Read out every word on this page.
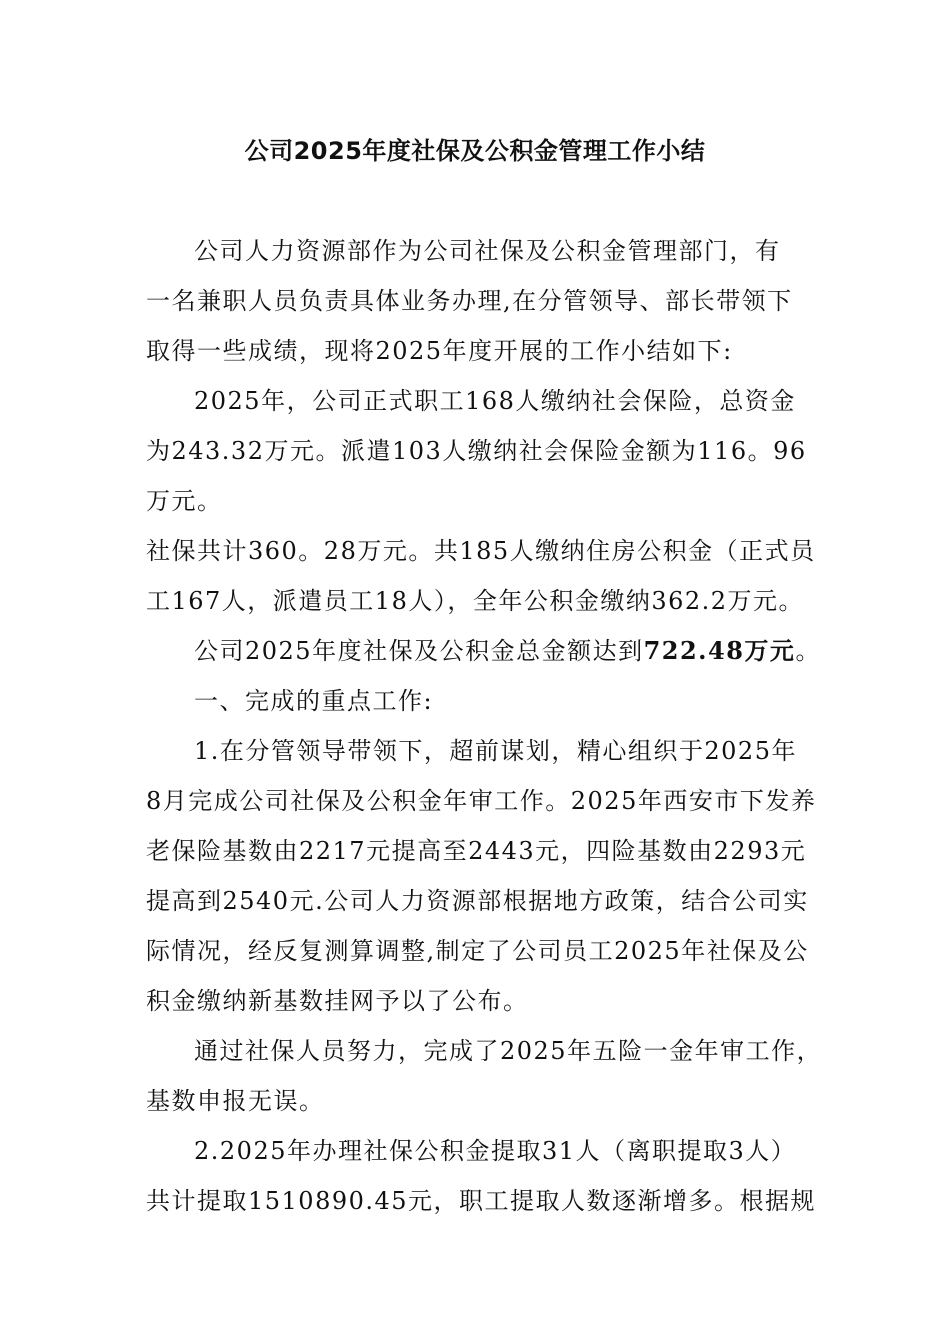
公司2025年度社保及公积金管理工作小结

公司人力资源部作为公司社保及公积金管理部门，有

一名兼职人员负责具体业务办理,在分管领导、部长带领下

取得一些成绩，现将2025年度开展的工作小结如下:

2025年，公司正式职工168人缴纳社会保险，总资金

为243.32万元。派遣103人缴纳社会保险金额为116。96

万元。

社保共计360。28万元。共185人缴纳住房公积金（正式员

工167人，派遣员工18人），全年公积金缴纳362.2万元。

公司2025年度社保及公积金总金额达到722.48万元。

一、完成的重点工作:

1.在分管领导带领下，超前谋划，精心组织于2025年

8月完成公司社保及公积金年审工作。2025年西安市下发养

老保险基数由2217元提高至2443元，四险基数由2293元

提高到2540元.公司人力资源部根据地方政策，结合公司实

际情况，经反复测算调整,制定了公司员工2025年社保及公

积金缴纳新基数挂网予以了公布。

通过社保人员努力，完成了2025年五险一金年审工作，

基数申报无误。

2.2025年办理社保公积金提取31人（离职提取3人）

共计提取1510890.45元，职工提取人数逐渐增多。根据规
